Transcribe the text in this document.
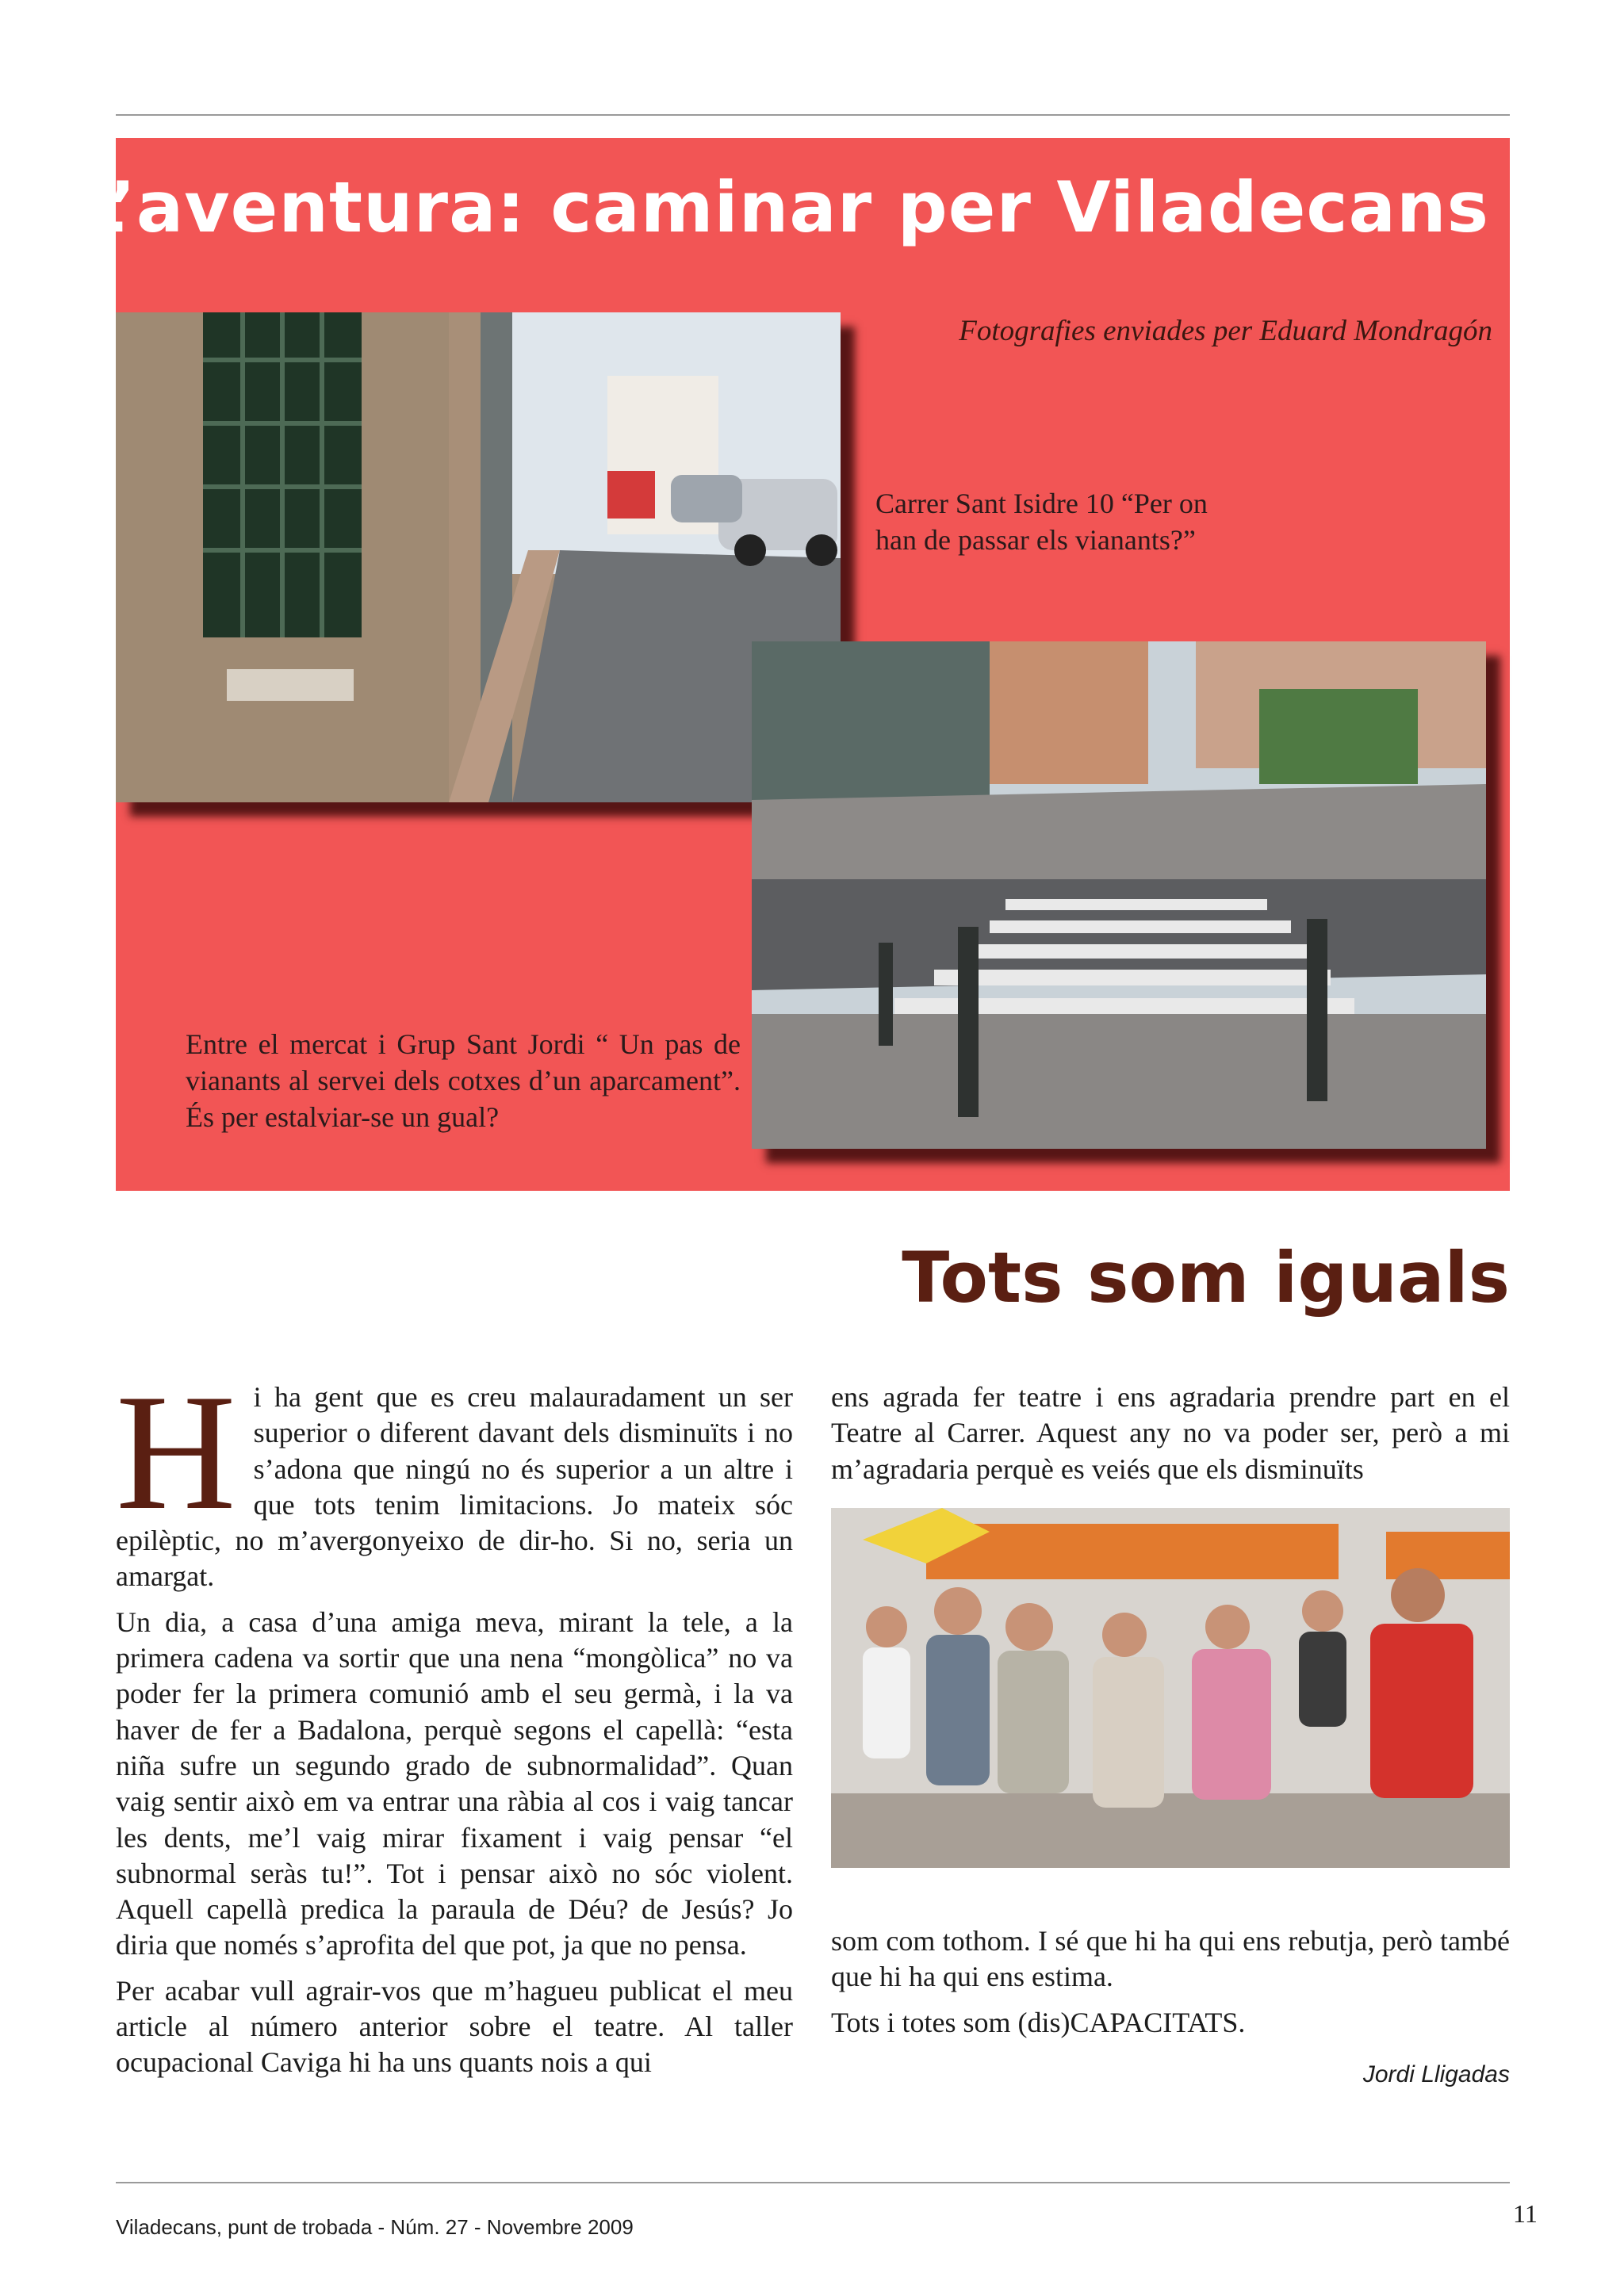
L’aventura: caminar per Viladecans

Fotografies enviades per Eduard Mondragón

Carrer Sant Isidre 10 “Per on han de passar els vianants?”

Entre el mercat i Grup Sant Jordi “ Un pas de vianants al servei dels cotxes d’un aparcament”. És per estalviar-se un gual?

Tots som iguals

Hi ha gent que es creu malauradament un ser superior o diferent davant dels disminuïts i no s’adona que ningú no és superior a un altre i que tots tenim limitacions. Jo mateix sóc epilèptic, no m’avergonyeixo de dir-ho. Si no, seria un amargat.

Un dia, a casa d’una amiga meva, mirant la tele, a la primera cadena va sortir que una nena “mongòlica” no va poder fer la primera comunió amb el seu germà, i la va haver de fer a Badalona, perquè segons el capellà: “esta niña sufre un segundo grado de subnormalidad”. Quan vaig sentir això em va entrar una ràbia al cos i vaig tancar les dents, me’l vaig mirar fixament i vaig pensar “el subnormal seràs tu!”. Tot i pensar això no sóc violent. Aquell capellà predica la paraula de Déu? de Jesús? Jo diria que només s’aprofita del que pot, ja que no pensa.

Per acabar vull agrair-vos que m’hagueu publicat el meu article al número anterior sobre el teatre. Al taller ocupacional Caviga hi ha uns quants nois a qui

ens agrada fer teatre i ens agradaria prendre part en el Teatre al Carrer. Aquest any no va poder ser, però a mi m’agradaria perquè es veiés que els disminuïts

som com tothom. I sé que hi ha qui ens rebutja, però també que hi ha qui ens estima.

Tots i totes som (dis)CAPACITATS.

Jordi Lligadas

Viladecans, punt de trobada - Núm. 27 - Novembre 2009	11
